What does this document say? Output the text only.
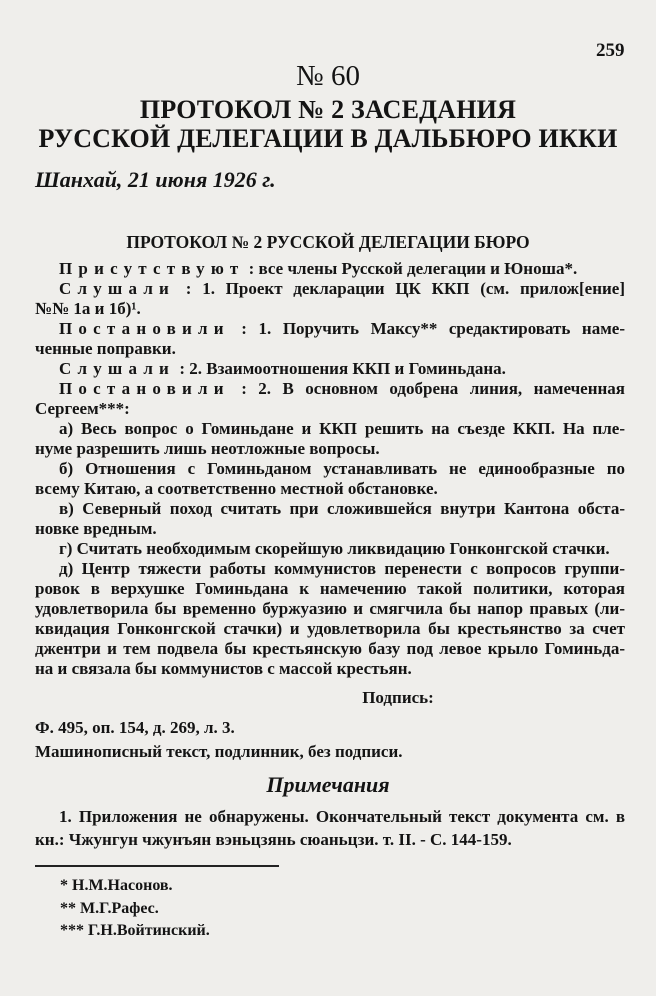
259
№ 60
ПРОТОКОЛ № 2 ЗАСЕДАНИЯ
РУССКОЙ ДЕЛЕГАЦИИ В ДАЛЬБЮРО ИККИ
Шанхай, 21 июня 1926 г.
ПРОТОКОЛ № 2 РУССКОЙ ДЕЛЕГАЦИИ БЮРО
Присутствуют : все члены Русской делегации и Юноша*.
Слушали : 1. Проект декларации ЦК ККП (см. прилож[ение]
№№ 1а и 1б)¹.
Постановили : 1. Поручить Максу** средактировать наме-
ченные поправки.
Слушали : 2. Взаимоотношения ККП и Гоминьдана.
Постановили : 2. В основном одобрена линия, намеченная
Сергеем***:
а) Весь вопрос о Гоминьдане и ККП решить на съезде ККП. На пле-
нуме разрешить лишь неотложные вопросы.
б) Отношения с Гоминьданом устанавливать не единообразные по
всему Китаю, а соответственно местной обстановке.
в) Северный поход считать при сложившейся внутри Кантона обста-
новке вредным.
г) Считать необходимым скорейшую ликвидацию Гонконгской стачки.
д) Центр тяжести работы коммунистов перенести с вопросов группи-
ровок в верхушке Гоминьдана к намечению такой политики, которая
удовлетворила бы временно буржуазию и смягчила бы напор правых (ли-
квидация Гонконгской стачки) и удовлетворила бы крестьянство за счет
джентри и тем подвела бы крестьянскую базу под левое крыло Гоминьда-
на и связала бы коммунистов с массой крестьян.
Подпись:
Ф. 495, оп. 154, д. 269, л. 3.
Машинописный текст, подлинник, без подписи.
Примечания
1. Приложения не обнаружены. Окончательный текст документа см. в
кн.: Чжунгун чжунъян вэньцзянь сюаньцзи. т. II. - С. 144-159.
* Н.М.Насонов.
** М.Г.Рафес.
*** Г.Н.Войтинский.
